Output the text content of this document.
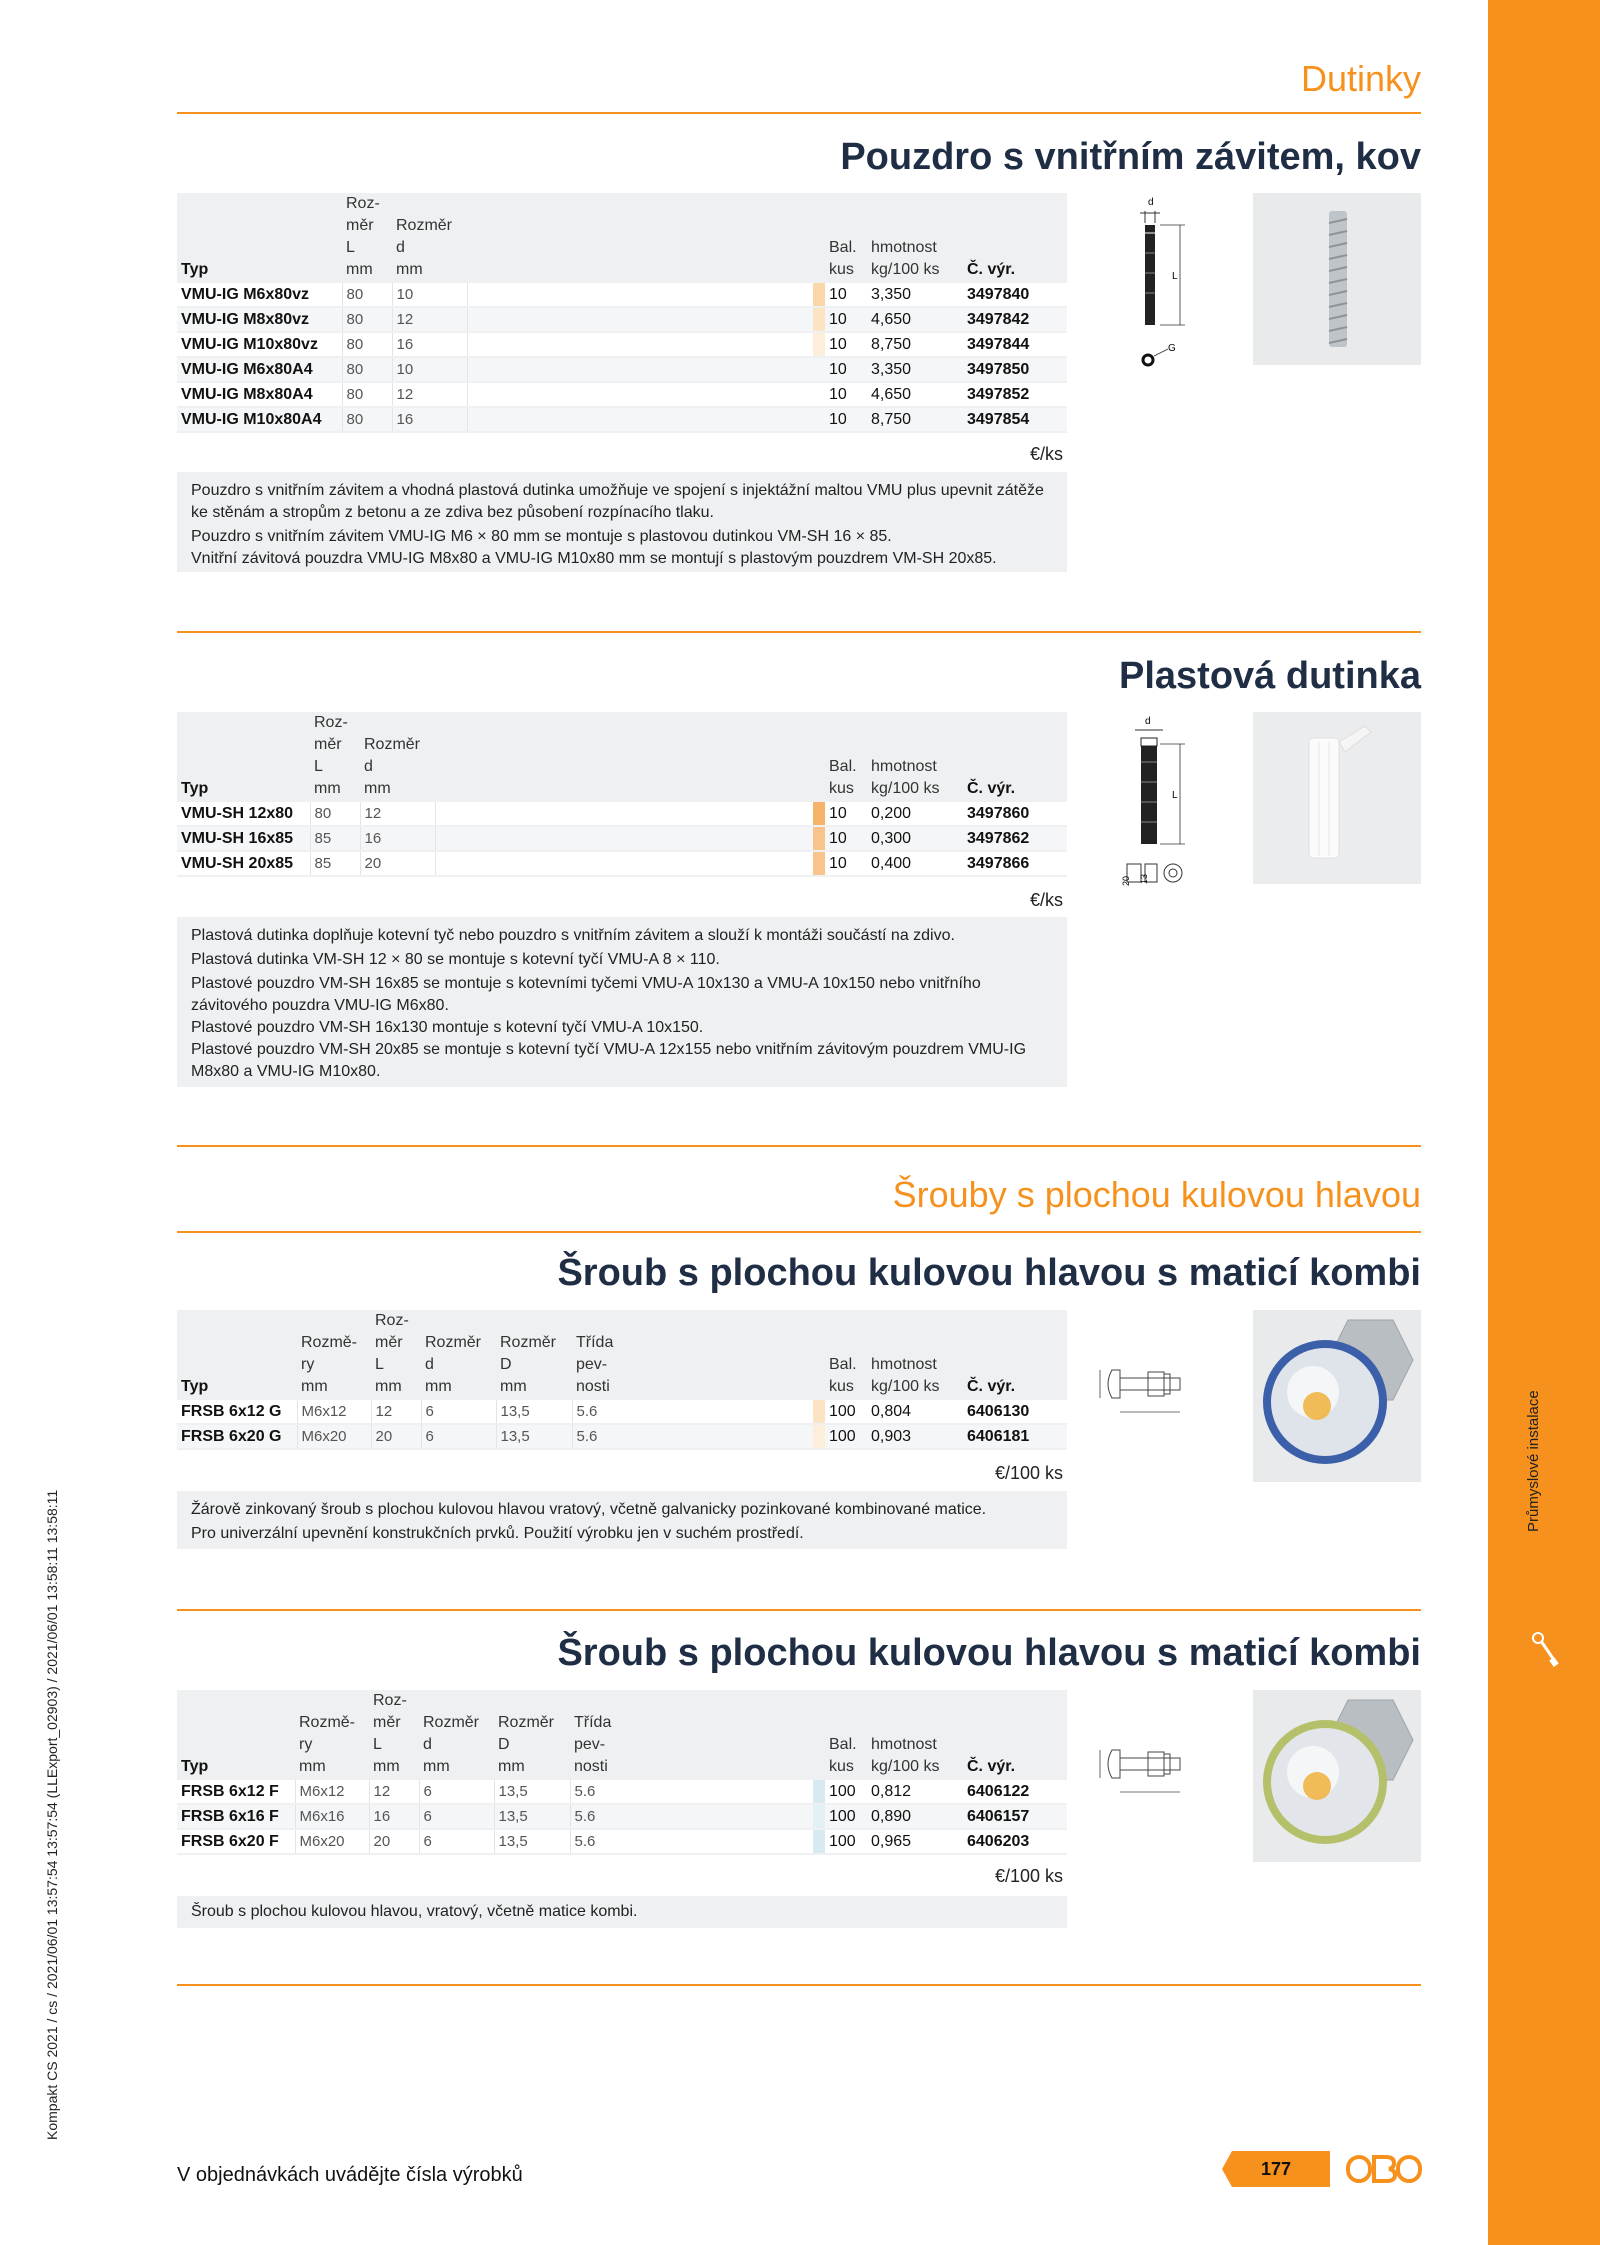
Průmyslové instalace
Kompakt CS 2021 / cs / 2021/06/01 13:57:54 13:57:54 (LLExport_02903) / 2021/06/01 13:58:11 13:58:11
Dutinky
Pouzdro s vnitřním závitem, kov
Typ	Roz-
měr
L
mm	Rozměr
d
mm			Bal.
kus	hmotnost
kg/100 ks	Č. výr.
VMU-IG M6x80vz	80	10			10	3,350	3497840
VMU-IG M8x80vz	80	12			10	4,650	3497842
VMU-IG M10x80vz	80	16			10	8,750	3497844
VMU-IG M6x80A4	80	10			10	3,350	3497850
VMU-IG M8x80A4	80	12			10	4,650	3497852
VMU-IG M10x80A4	80	16			10	8,750	3497854
€/ks

Pouzdro s vnitřním závitem a vhodná plastová dutinka umožňuje ve spojení s injektážní maltou VMU plus upevnit zátěže ke stěnám a stropům z betonu a ze zdiva bez působení rozpínacího tlaku.

Pouzdro s vnitřním závitem VMU-IG M6 × 80 mm se montuje s plastovou dutinkou VM-SH 16 × 85.

Vnitřní závitová pouzdra VMU-IG M8x80 a VMU-IG M10x80 mm se montují s plastovým pouzdrem VM-SH 20x85.

d
L
G
Plastová dutinka
Typ	Roz-
měr
L
mm	Rozměr
d
mm			Bal.
kus	hmotnost
kg/100 ks	Č. výr.
VMU-SH 12x80	80	12			10	0,200	3497860
VMU-SH 16x85	85	16			10	0,300	3497862
VMU-SH 20x85	85	20			10	0,400	3497866
€/ks

Plastová dutinka doplňuje kotevní tyč nebo pouzdro s vnitřním závitem a slouží k montáži součástí na zdivo.

Plastová dutinka VM-SH 12 × 80 se montuje s kotevní tyčí VMU-A 8 × 110.

Plastové pouzdro VM-SH 16x85 se montuje s kotevními tyčemi VMU-A 10x130 a VMU-A 10x150 nebo vnitřního závitového pouzdra VMU-IG M6x80.

Plastové pouzdro VM-SH 16x130 montuje s kotevní tyčí VMU-A 10x150.

Plastové pouzdro VM-SH 20x85 se montuje s kotevní tyčí VMU-A 12x155 nebo vnitřním závitovým pouzdrem VMU-IG M8x80 a VMU-IG M10x80.

d
L
20 13
Šrouby s plochou kulovou hlavou
Šroub s plochou kulovou hlavou s maticí kombi
Typ	Rozmě-
ry
mm	Roz-
měr
L
mm	Rozměr
d
mm	Rozměr
D
mm	Třída
pev-
nosti		Bal.
kus	hmotnost
kg/100 ks	Č. výr.
FRSB 6x12 G	M6x12	12	6	13,5	5.6		100	0,804	6406130
FRSB 6x20 G	M6x20	20	6	13,5	5.6		100	0,903	6406181
€/100 ks

Žárově zinkovaný šroub s plochou kulovou hlavou vratový, včetně galvanicky pozinkované kombinované matice.

Pro univerzální upevnění konstrukčních prvků. Použití výrobku jen v suchém prostředí.

Šroub s plochou kulovou hlavou s maticí kombi
Typ	Rozmě-
ry
mm	Roz-
měr
L
mm	Rozměr
d
mm	Rozměr
D
mm	Třída
pev-
nosti		Bal.
kus	hmotnost
kg/100 ks	Č. výr.
FRSB 6x12 F	M6x12	12	6	13,5	5.6		100	0,812	6406122
FRSB 6x16 F	M6x16	16	6	13,5	5.6		100	0,890	6406157
FRSB 6x20 F	M6x20	20	6	13,5	5.6		100	0,965	6406203
€/100 ks

Šroub s plochou kulovou hlavou, vratový, včetně matice kombi.

V objednávkách uvádějte čísla výrobků	177
OBO
